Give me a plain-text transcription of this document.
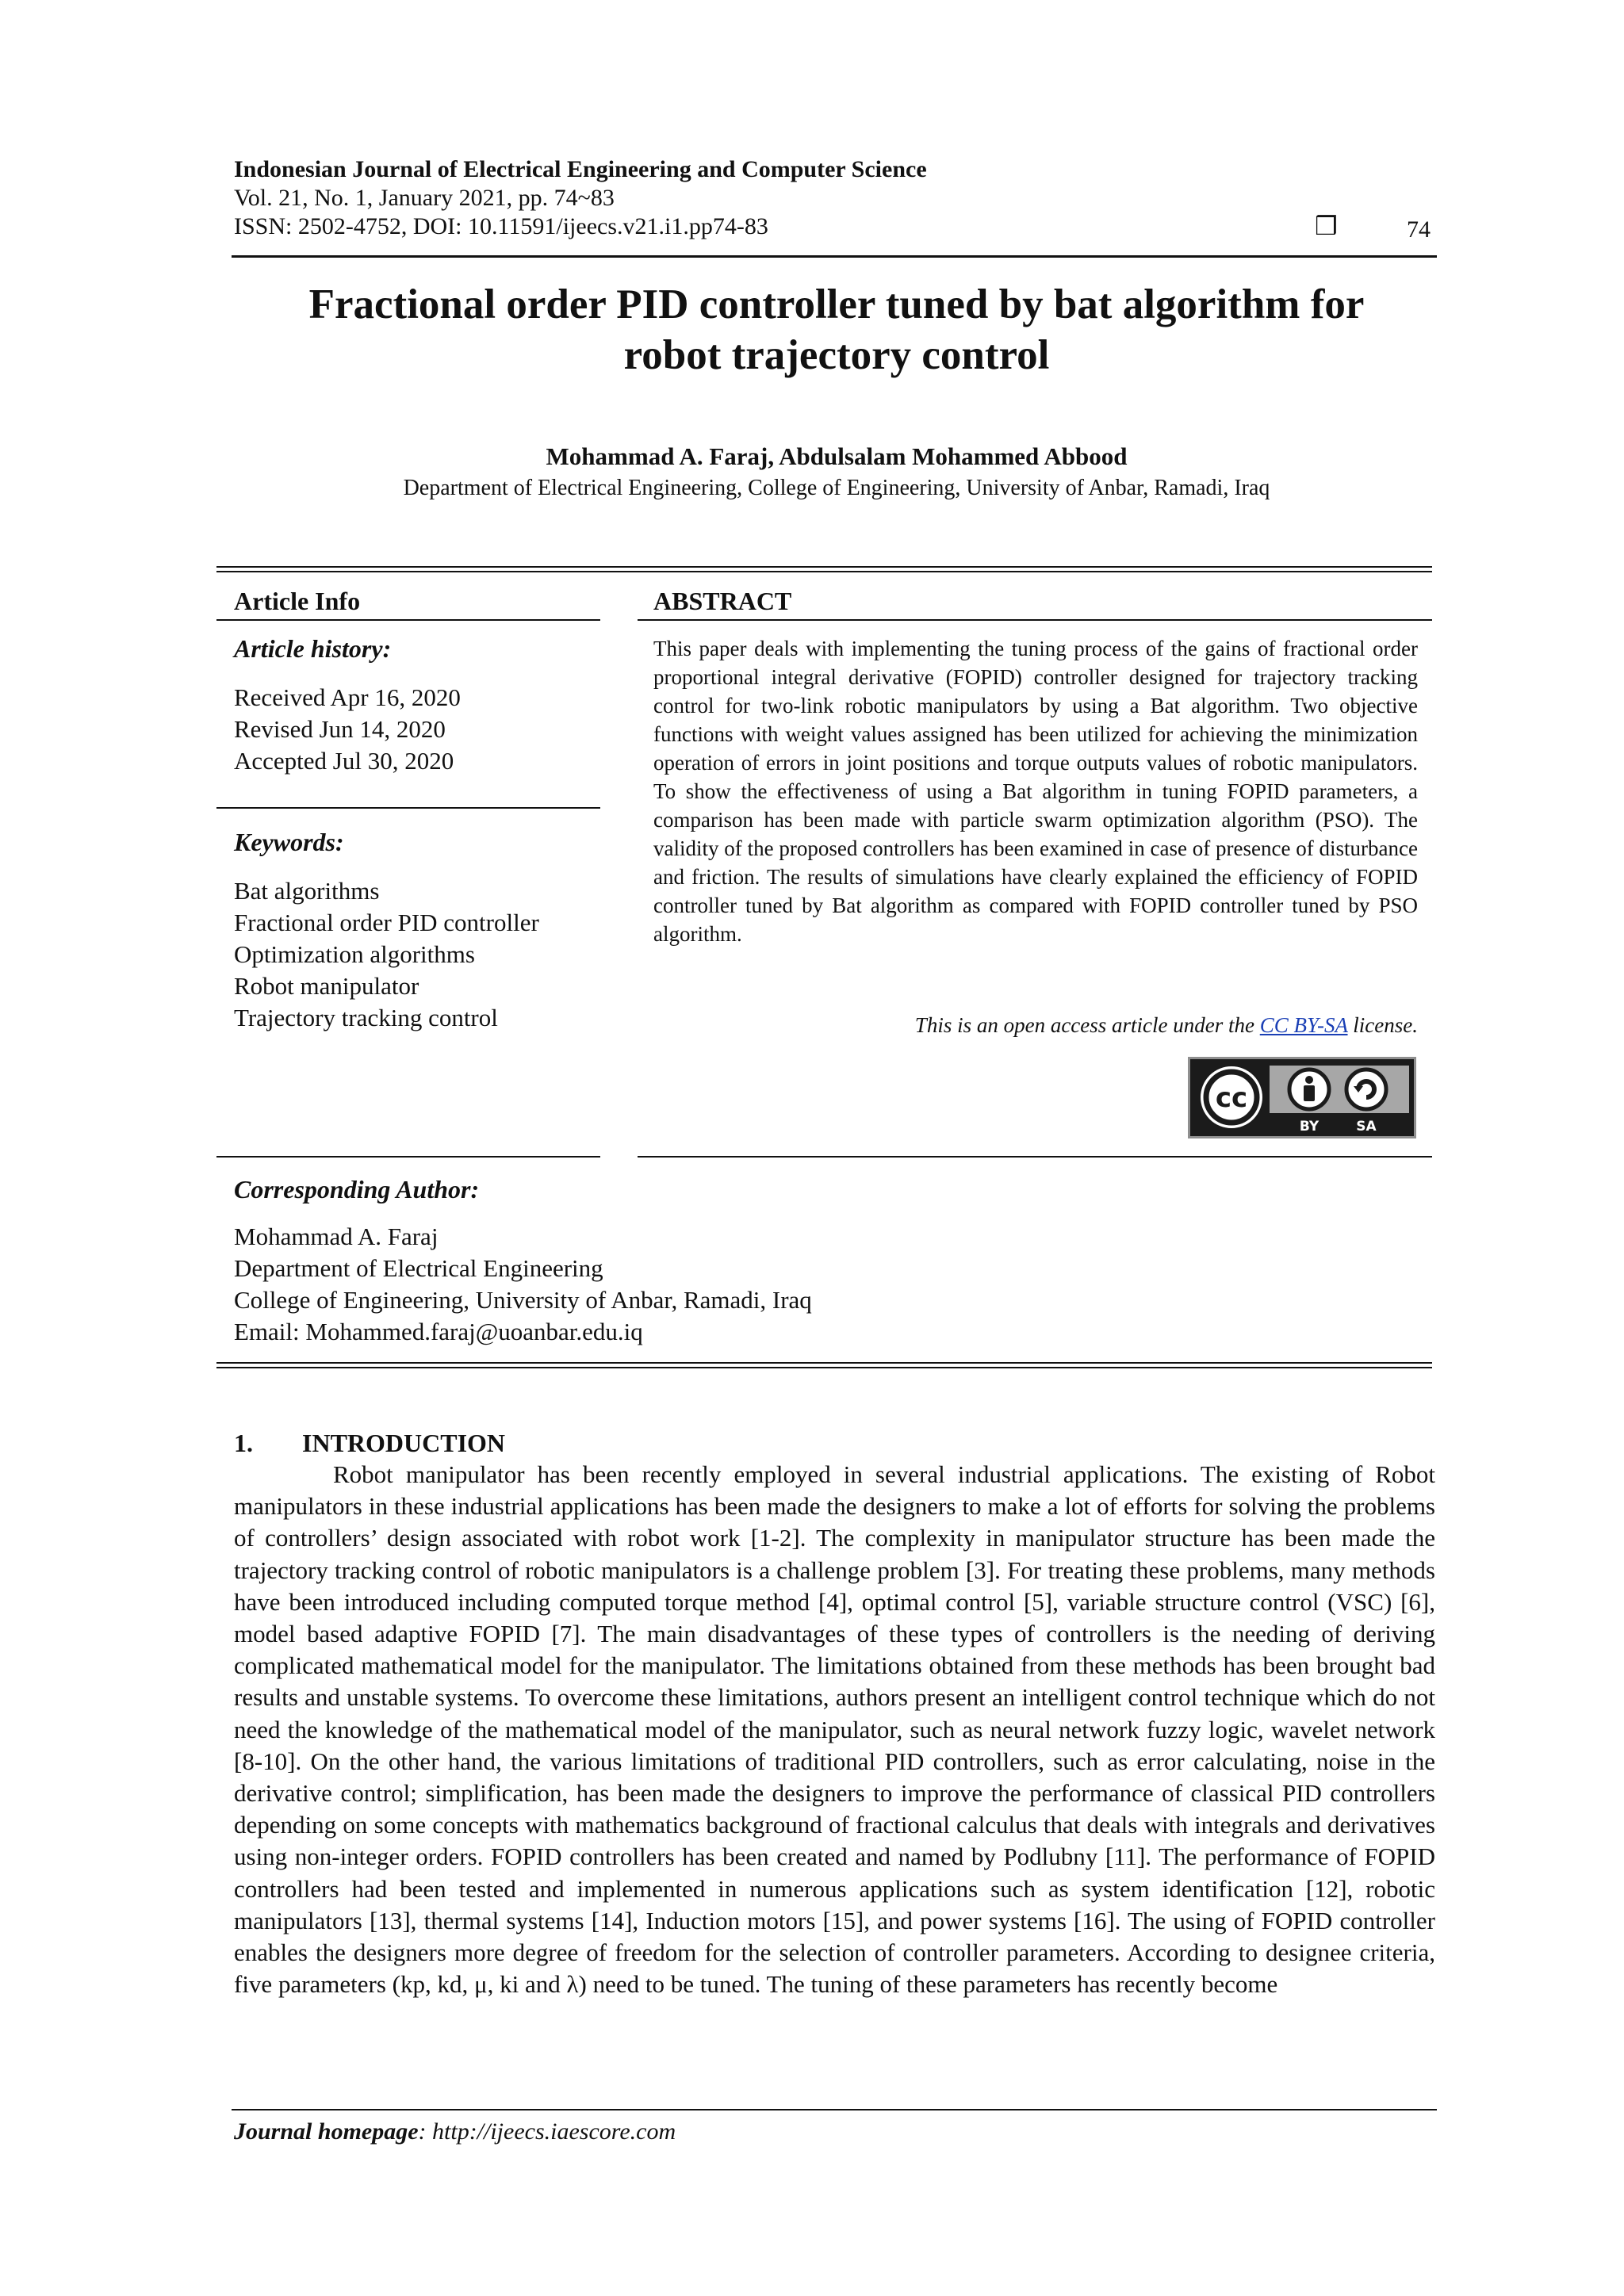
Indonesian Journal of Electrical Engineering and Computer Science
Vol. 21, No. 1, January 2021, pp. 74~83
ISSN: 2502-4752, DOI: 10.11591/ijeecs.v21.i1.pp74-83	❒	74
Fractional order PID controller tuned by bat algorithm for
robot trajectory control
Mohammad A. Faraj, Abdulsalam Mohammed Abbood
Department of Electrical Engineering, College of Engineering, University of Anbar, Ramadi, Iraq
Article Info
Article history:
Received Apr 16, 2020
Revised Jun 14, 2020
Accepted Jul 30, 2020
Keywords:
Bat algorithms
Fractional order PID controller
Optimization algorithms
Robot manipulator
Trajectory tracking control
ABSTRACT
This paper deals with implementing the tuning process of the gains of fractional order proportional integral derivative (FOPID) controller designed for trajectory tracking control for two-link robotic manipulators by using a Bat algorithm. Two objective functions with weight values assigned has been utilized for achieving the minimization operation of errors in joint positions and torque outputs values of robotic manipulators. To show the effectiveness of using a Bat algorithm in tuning FOPID parameters, a comparison has been made with particle swarm optimization algorithm (PSO). The validity of the proposed controllers has been examined in case of presence of disturbance and friction. The results of simulations have clearly explained the efficiency of FOPID controller tuned by Bat algorithm as compared with FOPID controller tuned by PSO algorithm.
This is an open access article under the CC BY-SA license.
cc
BY	SA
Corresponding Author:
Mohammad A. Faraj
Department of Electrical Engineering
College of Engineering, University of Anbar, Ramadi, Iraq
Email: Mohammed.faraj@uoanbar.edu.iq
1. INTRODUCTION

Robot manipulator has been recently employed in several industrial applications. The existing of Robot manipulators in these industrial applications has been made the designers to make a lot of efforts for solving the problems of controllers’ design associated with robot work [1-2]. The complexity in manipulator structure has been made the trajectory tracking control of robotic manipulators is a challenge problem [3]. For treating these problems, many methods have been introduced including computed torque method [4], optimal control [5], variable structure control (VSC) [6], model based adaptive FOPID [7]. The main disadvantages of these types of controllers is the needing of deriving complicated mathematical model for the manipulator. The limitations obtained from these methods has been brought bad results and unstable systems. To overcome these limitations, authors present an intelligent control technique which do not need the knowledge of the mathematical model of the manipulator, such as neural network fuzzy logic, wavelet network [8-10]. On the other hand, the various limitations of traditional PID controllers, such as error calculating, noise in the derivative control; simplification, has been made the designers to improve the performance of classical PID controllers depending on some concepts with mathematics background of fractional calculus that deals with integrals and derivatives using non-integer orders. FOPID controllers has been created and named by Podlubny [11]. The performance of FOPID controllers had been tested and implemented in numerous applications such as system identification [12], robotic manipulators [13], thermal systems [14], Induction motors [15], and power systems [16]. The using of FOPID controller enables the designers more degree of freedom for the selection of controller parameters. According to designee criteria, five parameters (kp, kd, μ, ki and λ) need to be tuned. The tuning of these parameters has recently become

Journal homepage: http://ijeecs.iaescore.com
